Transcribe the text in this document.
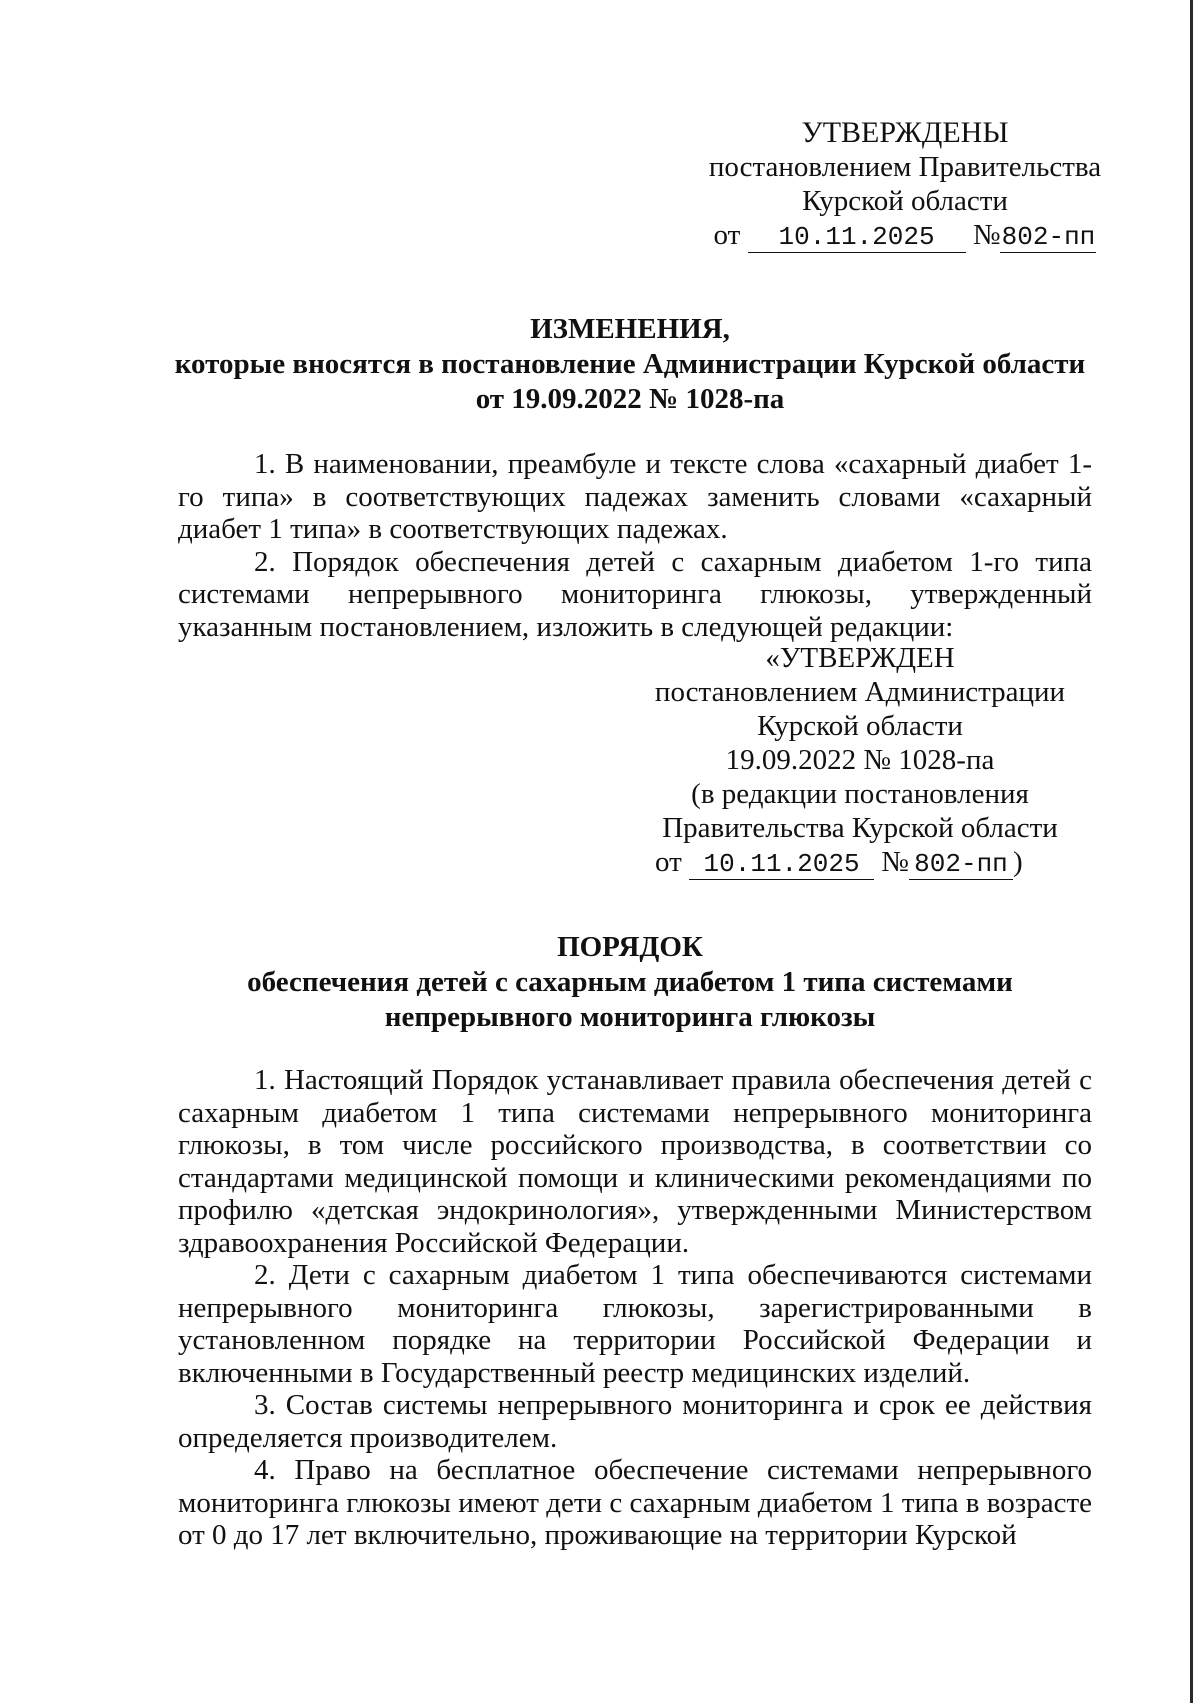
УТВЕРЖДЕНЫ
постановлением Правительства
Курской области
от 10.11.2025 №802-пп
ИЗМЕНЕНИЯ,
которые вносятся в постановление Администрации Курской области
от 19.09.2022 № 1028-па

1. В наименовании, преамбуле и тексте слова «сахарный диабет 1-го типа» в соответствующих падежах заменить словами «сахарный диабет 1 типа» в соответствующих падежах.

2. Порядок обеспечения детей с сахарным диабетом 1-го типа системами непрерывного мониторинга глюкозы, утвержденный указанным постановлением, изложить в следующей редакции:

«УТВЕРЖДЕН
постановлением Администрации
Курской области
19.09.2022 № 1028-па
(в редакции постановления
Правительства Курской области
от 10.11.2025 № 802-пп )
ПОРЯДОК
обеспечения детей с сахарным диабетом 1 типа системами
непрерывного мониторинга глюкозы

1. Настоящий Порядок устанавливает правила обеспечения детей с сахарным диабетом 1 типа системами непрерывного мониторинга глюкозы, в том числе российского производства, в соответствии со стандартами медицинской помощи и клиническими рекомендациями по профилю «детская эндокринология», утвержденными Министерством здравоохранения Российской Федерации.

2. Дети с сахарным диабетом 1 типа обеспечиваются системами непрерывного мониторинга глюкозы, зарегистрированными в установленном порядке на территории Российской Федерации и включенными в Государственный реестр медицинских изделий.

3. Состав системы непрерывного мониторинга и срок ее действия определяется производителем.

4. Право на бесплатное обеспечение системами непрерывного мониторинга глюкозы имеют дети с сахарным диабетом 1 типа в возрасте от 0 до 17 лет включительно, проживающие на территории Курской
